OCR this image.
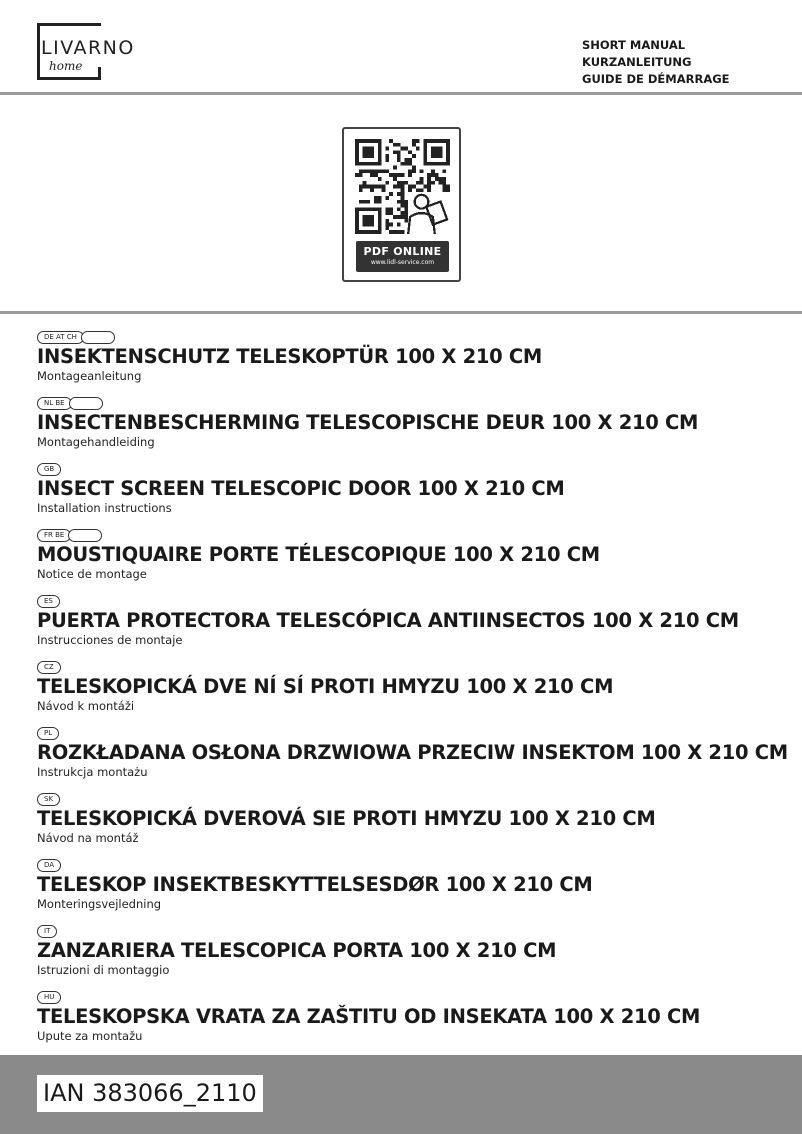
LIVARNO
home
SHORT MANUAL
KURZANLEITUNG
GUIDE DE DÉMARRAGE
PDF ONLINE
www.lidl-service.com
DE AT CH
INSEKTENSCHUTZ TELESKOPTÜR 100 X 210 CM
Montageanleitung
NL BE
INSECTENBESCHERMING TELESCOPISCHE DEUR 100 X 210 CM
Montagehandleiding
GB
INSECT SCREEN TELESCOPIC DOOR 100 X 210 CM
Installation instructions
FR BE
MOUSTIQUAIRE PORTE TÉLESCOPIQUE 100 X 210 CM
Notice de montage
ES
PUERTA PROTECTORA TELESCÓPICA ANTIINSECTOS 100 X 210 CM
Instrucciones de montaje
CZ
TELESKOPICKÁ DVE NÍ SÍ PROTI HMYZU 100 X 210 CM
Návod k montáži
PL
ROZKŁADANA OSŁONA DRZWIOWA PRZECIW INSEKTOM 100 X 210 CM
Instrukcja montażu
SK
TELESKOPICKÁ DVEROVÁ SIE PROTI HMYZU 100 X 210 CM
Návod na montáž
DA
TELESKOP INSEKTBESKYTTELSESDØR 100 X 210 CM
Monteringsvejledning
IT
ZANZARIERA TELESCOPICA PORTA 100 X 210 CM
Istruzioni di montaggio
HU
TELESKOPSKA VRATA ZA ZAŠTITU OD INSEKATA 100 X 210 CM
Upute za montažu
IAN 383066_2110
